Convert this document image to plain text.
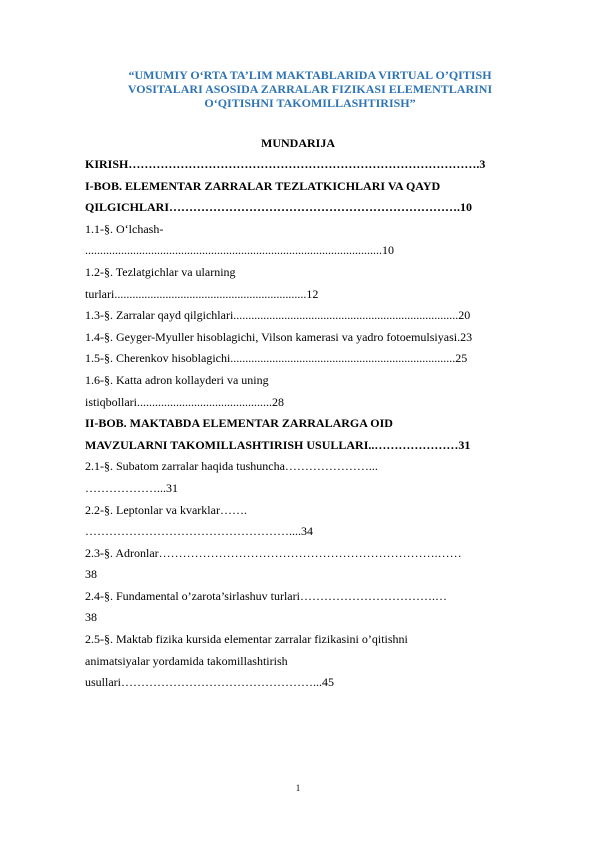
“UMUMIY O‘RTA TA’LIM MAKTABLARIDA VIRTUAL O’QITISH
VOSITALARI ASOSIDA ZARRALAR FIZIKASI ELEMENTLARINI
O‘QITISHNI TAKOMILLASHTIRISH”
MUNDARIJA
KIRISH…………………………………………………………………………….3
I-BOB. ELEMENTAR ZARRALAR TEZLATKICHLARI VA QAYD
QILGICHLARI……………………………………………………………….10
1.1-§. O‘lchash-
...................................................................................................10
1.2-§. Tezlatgichlar va ularning
turlari................................................................12
1.3-§. Zarralar qayd qilgichlari...........................................................................20
1.4-§. Geyger-Myuller hisoblagichi, Vilson kamerasi va yadro fotoemulsiyasi.23
1.5-§. Cherenkov hisoblagichi...........................................................................25
1.6-§. Katta adron kollayderi va uning
istiqbollari.............................................28
II-BOB. MAKTABDA ELEMENTAR ZARRALARGA OID
MAVZULARNI TAKOMILLASHTIRISH USULLARI..…………………31
2.1-§. Subatom zarralar haqida tushuncha…………………...
………………...31
2.2-§. Leptonlar va kvarklar…….
……………………………………………....34
2.3-§. Adronlar…………………………………………………………….……
38
2.4-§. Fundamental o’zarota’sirlashuv turlari…………………………….…
38
2.5-§. Maktab fizika kursida elementar zarralar fizikasini o’qitishni
animatsiyalar yordamida takomillashtirish
usullari…………………………………………...45
1
